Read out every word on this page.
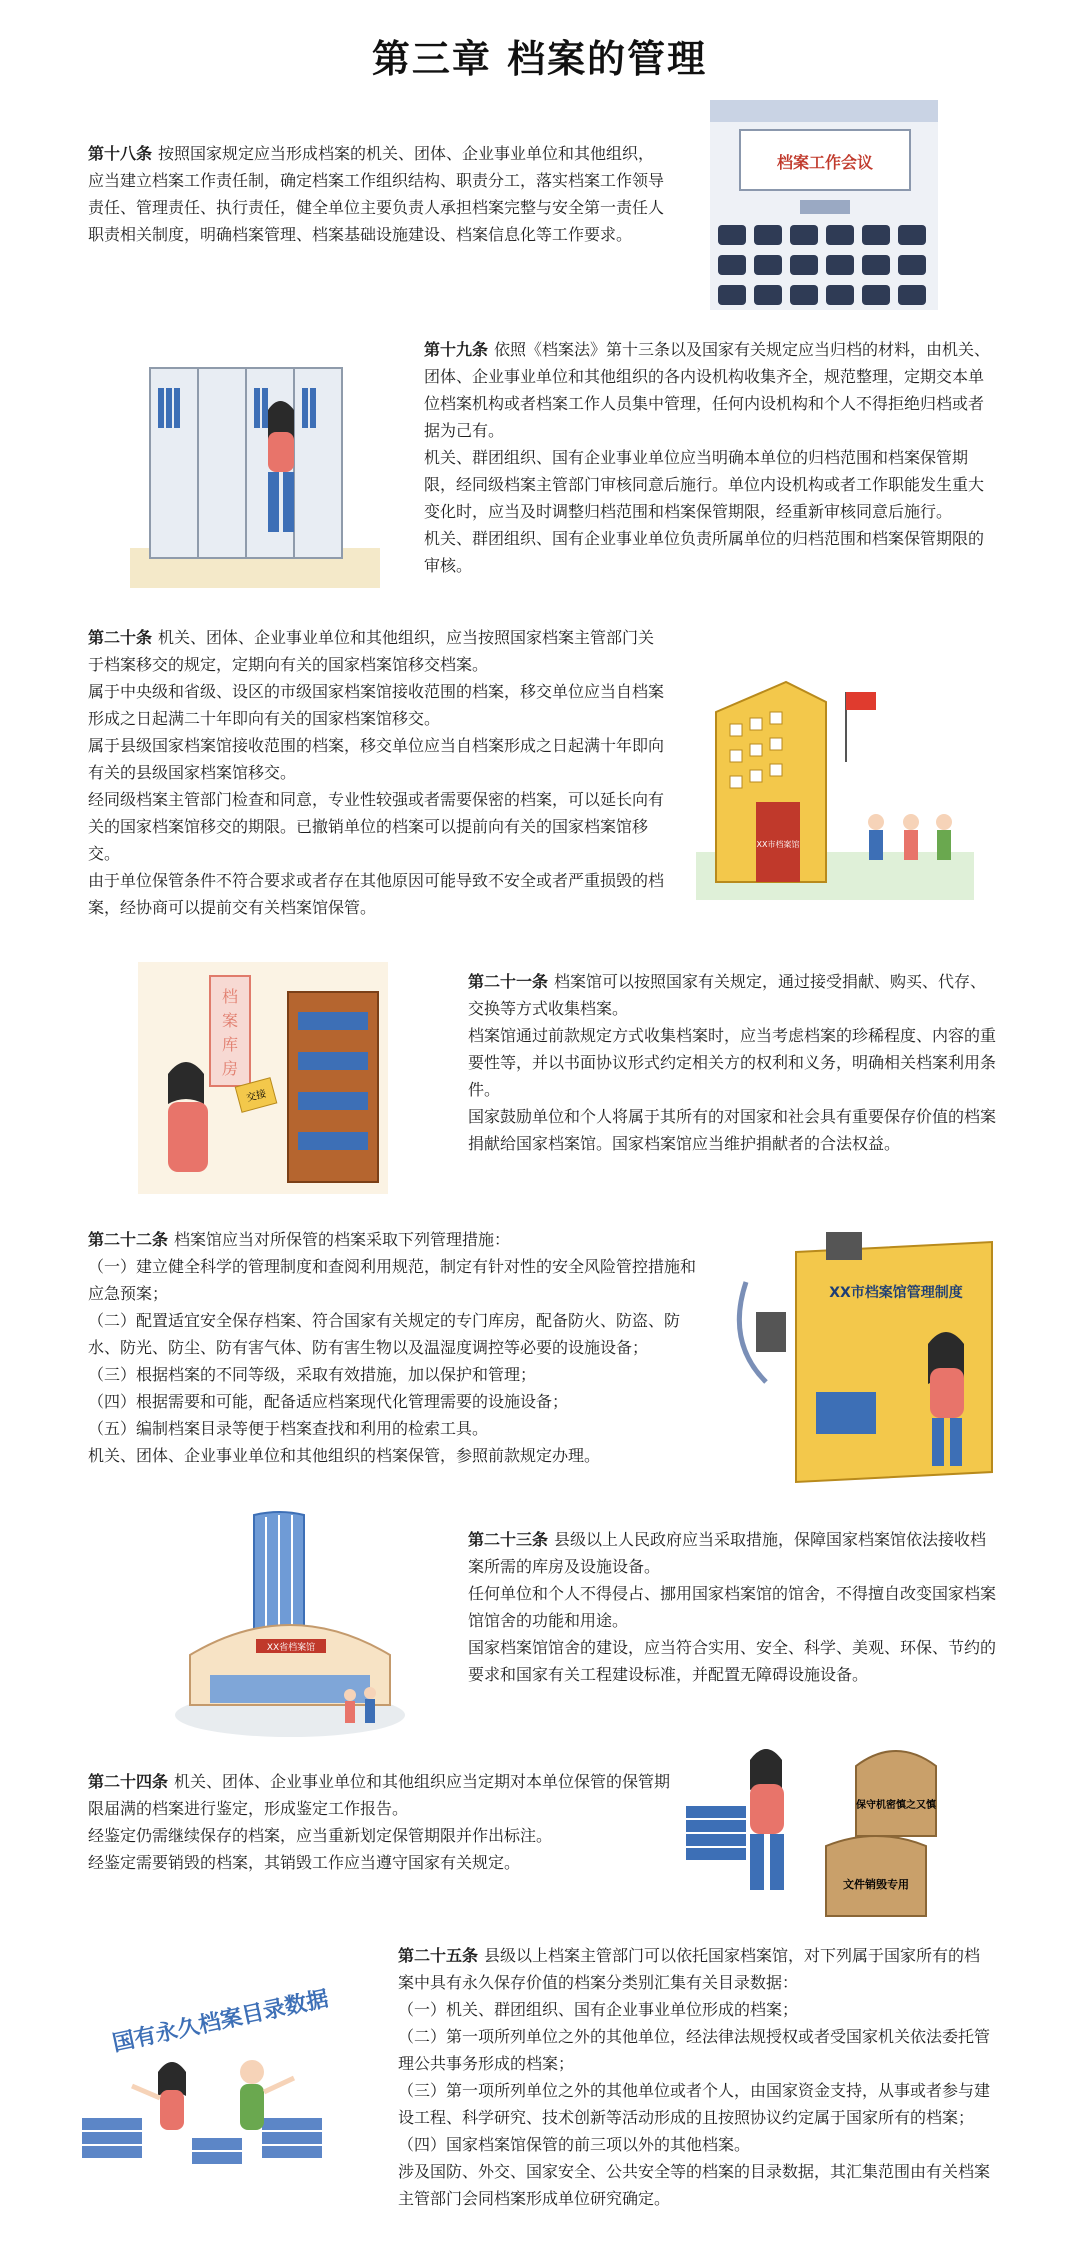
第三章 档案的管理

第十八条 按照国家规定应当形成档案的机关、团体、企业事业单位和其他组织，应当建立档案工作责任制，确定档案工作组织结构、职责分工，落实档案工作领导责任、管理责任、执行责任，健全单位主要负责人承担档案完整与安全第一责任人职责相关制度，明确档案管理、档案基础设施建设、档案信息化等工作要求。

档案工作会议

第十九条 依照《档案法》第十三条以及国家有关规定应当归档的材料，由机关、团体、企业事业单位和其他组织的各内设机构收集齐全，规范整理，定期交本单位档案机构或者档案工作人员集中管理，任何内设机构和个人不得拒绝归档或者据为己有。

机关、群团组织、国有企业事业单位应当明确本单位的归档范围和档案保管期限，经同级档案主管部门审核同意后施行。单位内设机构或者工作职能发生重大变化时，应当及时调整归档范围和档案保管期限，经重新审核同意后施行。

机关、群团组织、国有企业事业单位负责所属单位的归档范围和档案保管期限的审核。

第二十条 机关、团体、企业事业单位和其他组织，应当按照国家档案主管部门关于档案移交的规定，定期向有关的国家档案馆移交档案。

属于中央级和省级、设区的市级国家档案馆接收范围的档案，移交单位应当自档案形成之日起满二十年即向有关的国家档案馆移交。

属于县级国家档案馆接收范围的档案，移交单位应当自档案形成之日起满十年即向有关的县级国家档案馆移交。

经同级档案主管部门检查和同意，专业性较强或者需要保密的档案，可以延长向有关的国家档案馆移交的期限。已撤销单位的档案可以提前向有关的国家档案馆移交。

由于单位保管条件不符合要求或者存在其他原因可能导致不安全或者严重损毁的档案，经协商可以提前交有关档案馆保管。

XX市档案馆
档
案
库
房
交接

第二十一条 档案馆可以按照国家有关规定，通过接受捐献、购买、代存、交换等方式收集档案。

档案馆通过前款规定方式收集档案时，应当考虑档案的珍稀程度、内容的重要性等，并以书面协议形式约定相关方的权利和义务，明确相关档案利用条件。

国家鼓励单位和个人将属于其所有的对国家和社会具有重要保存价值的档案捐献给国家档案馆。国家档案馆应当维护捐献者的合法权益。

第二十二条 档案馆应当对所保管的档案采取下列管理措施：

（一）建立健全科学的管理制度和查阅利用规范，制定有针对性的安全风险管控措施和应急预案；

（二）配置适宜安全保存档案、符合国家有关规定的专门库房，配备防火、防盗、防水、防光、防尘、防有害气体、防有害生物以及温湿度调控等必要的设施设备；

（三）根据档案的不同等级，采取有效措施，加以保护和管理；

（四）根据需要和可能，配备适应档案现代化管理需要的设施设备；

（五）编制档案目录等便于档案查找和利用的检索工具。

机关、团体、企业事业单位和其他组织的档案保管，参照前款规定办理。

XX市档案馆管理制度
XX省档案馆

第二十三条 县级以上人民政府应当采取措施，保障国家档案馆依法接收档案所需的库房及设施设备。

任何单位和个人不得侵占、挪用国家档案馆的馆舍，不得擅自改变国家档案馆馆舍的功能和用途。

国家档案馆馆舍的建设，应当符合实用、安全、科学、美观、环保、节约的要求和国家有关工程建设标准，并配置无障碍设施设备。

第二十四条 机关、团体、企业事业单位和其他组织应当定期对本单位保管的保管期限届满的档案进行鉴定，形成鉴定工作报告。

经鉴定仍需继续保存的档案，应当重新划定保管期限并作出标注。

经鉴定需要销毁的档案，其销毁工作应当遵守国家有关规定。

保守机密慎之又慎
文件销毁专用
国有永久档案目录数据

第二十五条 县级以上档案主管部门可以依托国家档案馆，对下列属于国家所有的档案中具有永久保存价值的档案分类别汇集有关目录数据：

（一）机关、群团组织、国有企业事业单位形成的档案；

（二）第一项所列单位之外的其他单位，经法律法规授权或者受国家机关依法委托管理公共事务形成的档案；

（三）第一项所列单位之外的其他单位或者个人，由国家资金支持，从事或者参与建设工程、科学研究、技术创新等活动形成的且按照协议约定属于国家所有的档案；

（四）国家档案馆保管的前三项以外的其他档案。

涉及国防、外交、国家安全、公共安全等的档案的目录数据，其汇集范围由有关档案主管部门会同档案形成单位研究确定。
